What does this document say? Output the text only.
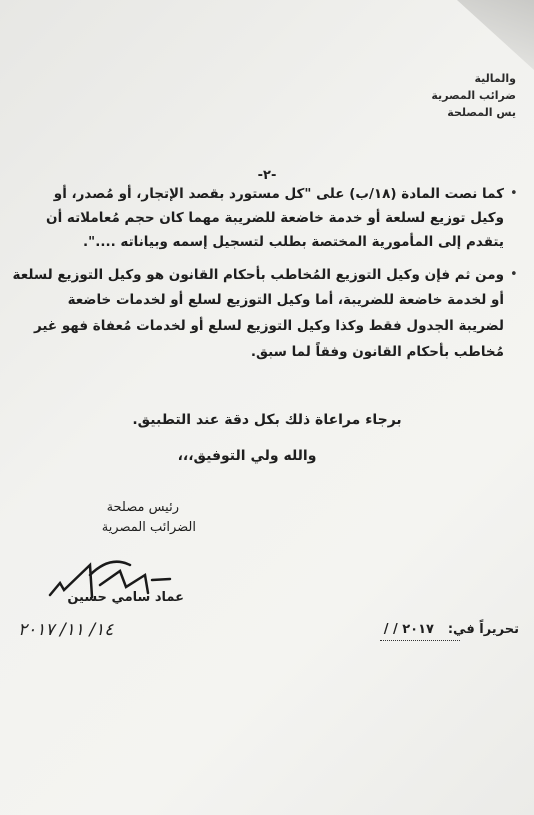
والمالية
ضرائب المصرية
يس المصلحة
-٢-
•
كما نصت المادة (١٨/ب) على "كل مستورد بقصد الإتجار، أو مُصدر، أو
وكيل توزيع لسلعة أو خدمة خاضعة للضريبة مهما كان حجم مُعاملاته أن
يتقدم إلى المأمورية المختصة بطلب لتسجيل إسمه وبياناته ....".
•
ومن ثم فإن وكيل التوزيع المُخاطب بأحكام القانون هو وكيل التوزيع لسلعة
أو لخدمة خاضعة للضريبة، أما وكيل التوزيع لسلع أو لخدمات خاضعة
لضريبة الجدول فقط وكذا وكيل التوزيع لسلع أو لخدمات مُعفاة فهو غير
مُخاطب بأحكام القانون وفقاً لما سبق.
برجاء مراعاة ذلك بكل دقة عند التطبيق.
والله ولي التوفيق،،،
رئيس مصلحة
الضرائب المصرية
عماد سامي حسين
١٤/ ١١/ ٢٠١٧	تحريراً في:
/ / ٢٠١٧
